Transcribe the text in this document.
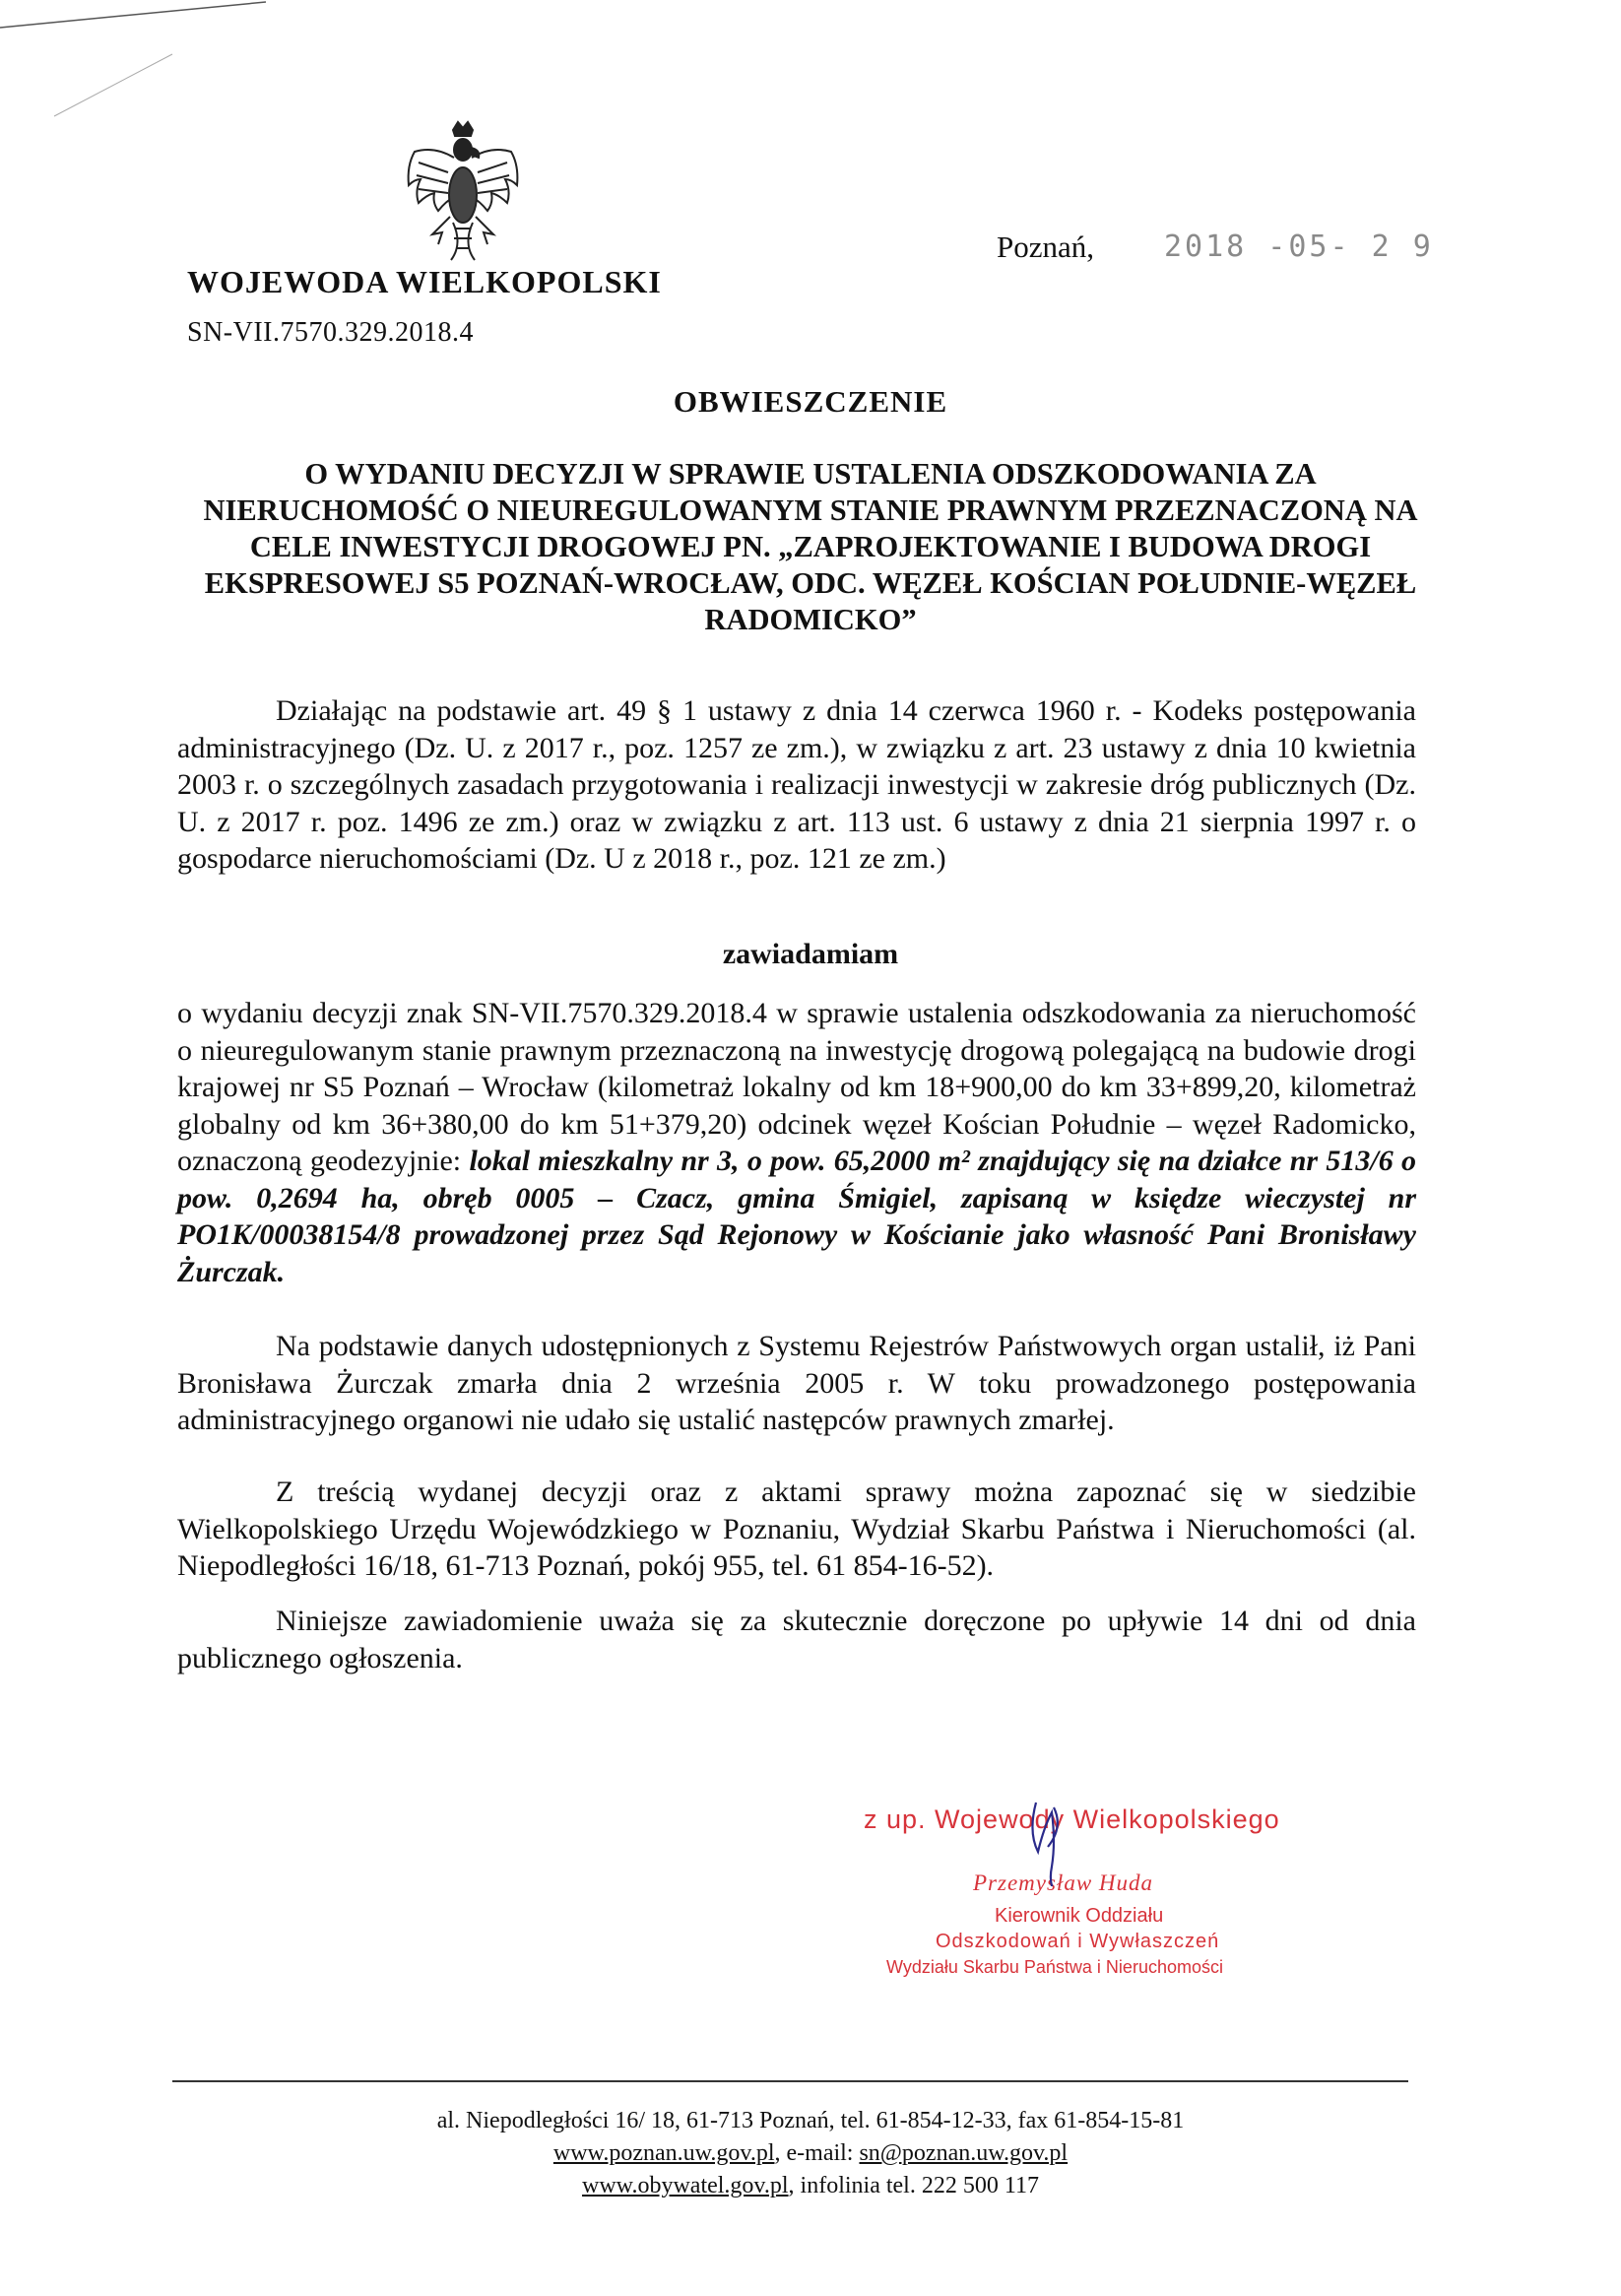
WOJEWODA WIELKOPOLSKI
SN-VII.7570.329.2018.4
Poznań, 2018 -05- 2 9
OBWIESZCZENIE
O WYDANIU DECYZJI W SPRAWIE USTALENIA ODSZKODOWANIA ZA NIERUCHOMOŚĆ O NIEUREGULOWANYM STANIE PRAWNYM PRZEZNACZONĄ NA CELE INWESTYCJI DROGOWEJ PN. „ZAPROJEKTOWANIE I BUDOWA DROGI EKSPRESOWEJ S5 POZNAŃ-WROCŁAW, ODC. WĘZEŁ KOŚCIAN POŁUDNIE-WĘZEŁ RADOMICKO”
Działając na podstawie art. 49 § 1 ustawy z dnia 14 czerwca 1960 r. - Kodeks postępowania administracyjnego (Dz. U. z 2017 r., poz. 1257 ze zm.), w związku z art. 23 ustawy z dnia 10 kwietnia 2003 r. o szczególnych zasadach przygotowania i realizacji inwestycji w zakresie dróg publicznych (Dz. U. z 2017 r. poz. 1496 ze zm.) oraz w związku z art. 113 ust. 6 ustawy z dnia 21 sierpnia 1997 r. o gospodarce nieruchomościami (Dz. U z 2018 r., poz. 121 ze zm.)
zawiadamiam
o wydaniu decyzji znak SN-VII.7570.329.2018.4 w sprawie ustalenia odszkodowania za nieruchomość o nieuregulowanym stanie prawnym przeznaczoną na inwestycję drogową polegającą na budowie drogi krajowej nr S5 Poznań – Wrocław (kilometraż lokalny od km 18+900,00 do km 33+899,20, kilometraż globalny od km 36+380,00 do km 51+379,20) odcinek węzeł Kościan Południe – węzeł Radomicko, oznaczoną geodezyjnie: lokal mieszkalny nr 3, o pow. 65,2000 m² znajdujący się na działce nr 513/6 o pow. 0,2694 ha, obręb 0005 – Czacz, gmina Śmigiel, zapisaną w księdze wieczystej nr PO1K/00038154/8 prowadzonej przez Sąd Rejonowy w Kościanie jako własność Pani Bronisławy Żurczak.
Na podstawie danych udostępnionych z Systemu Rejestrów Państwowych organ ustalił, iż Pani Bronisława Żurczak zmarła dnia 2 września 2005 r. W toku prowadzonego postępowania administracyjnego organowi nie udało się ustalić następców prawnych zmarłej.
Z treścią wydanej decyzji oraz z aktami sprawy można zapoznać się w siedzibie Wielkopolskiego Urzędu Wojewódzkiego w Poznaniu, Wydział Skarbu Państwa i Nieruchomości (al. Niepodległości 16/18, 61-713 Poznań, pokój 955, tel. 61 854-16-52).
Niniejsze zawiadomienie uważa się za skutecznie doręczone po upływie 14 dni od dnia publicznego ogłoszenia.
z up. Wojewody Wielkopolskiego
Przemysław Huda
Kierownik Oddziału
Odszkodowań i Wywłaszczeń
Wydziału Skarbu Państwa i Nieruchomości
al. Niepodległości 16/ 18, 61-713 Poznań, tel. 61-854-12-33, fax 61-854-15-81
www.poznan.uw.gov.pl, e-mail: sn@poznan.uw.gov.pl
www.obywatel.gov.pl, infolinia tel. 222 500 117
